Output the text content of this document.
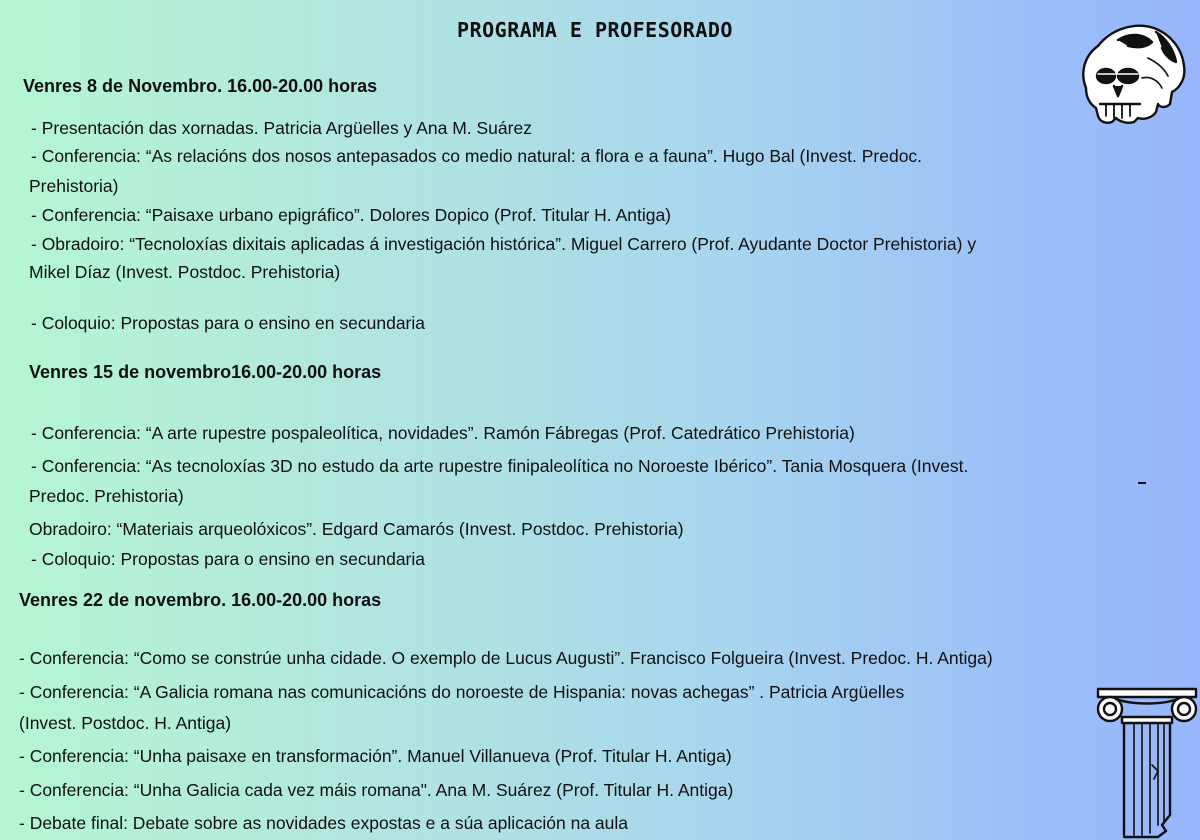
PROGRAMA E PROFESORADO
Venres 8 de Novembro. 16.00-20.00 horas
- Presentación das xornadas. Patricia Argüelles y Ana M. Suárez
- Conferencia: “As relacións dos nosos antepasados co medio natural: a flora e a fauna”. Hugo Bal (Invest. Predoc.
Prehistoria)
- Conferencia: “Paisaxe urbano epigráfico”. Dolores Dopico (Prof. Titular H. Antiga)
- Obradoiro: “Tecnoloxías dixitais aplicadas á investigación histórica”. Miguel Carrero (Prof. Ayudante Doctor Prehistoria) y
Mikel Díaz (Invest. Postdoc. Prehistoria)
- Coloquio: Propostas para o ensino en secundaria
Venres 15 de novembro16.00-20.00 horas
- Conferencia: “A arte rupestre pospaleolítica, novidades”. Ramón Fábregas (Prof. Catedrático Prehistoria)
- Conferencia: “As tecnoloxías 3D no estudo da arte rupestre finipaleolítica no Noroeste Ibérico”. Tania Mosquera (Invest.
Predoc. Prehistoria)
Obradoiro: “Materiais arqueolóxicos”. Edgard Camarós (Invest. Postdoc. Prehistoria)
- Coloquio: Propostas para o ensino en secundaria
Venres 22 de novembro. 16.00-20.00 horas
- Conferencia: “Como se constrúe unha cidade. O exemplo de Lucus Augusti”. Francisco Folgueira (Invest. Predoc. H. Antiga)
- Conferencia: “A Galicia romana nas comunicacións do noroeste de Hispania: novas achegas” . Patricia Argüelles
(Invest. Postdoc. H. Antiga)
- Conferencia: “Unha paisaxe en transformación”. Manuel Villanueva (Prof. Titular H. Antiga)
- Conferencia: “Unha Galicia cada vez máis romana". Ana M. Suárez (Prof. Titular H. Antiga)
- Debate final: Debate sobre as novidades expostas e a súa aplicación na aula
